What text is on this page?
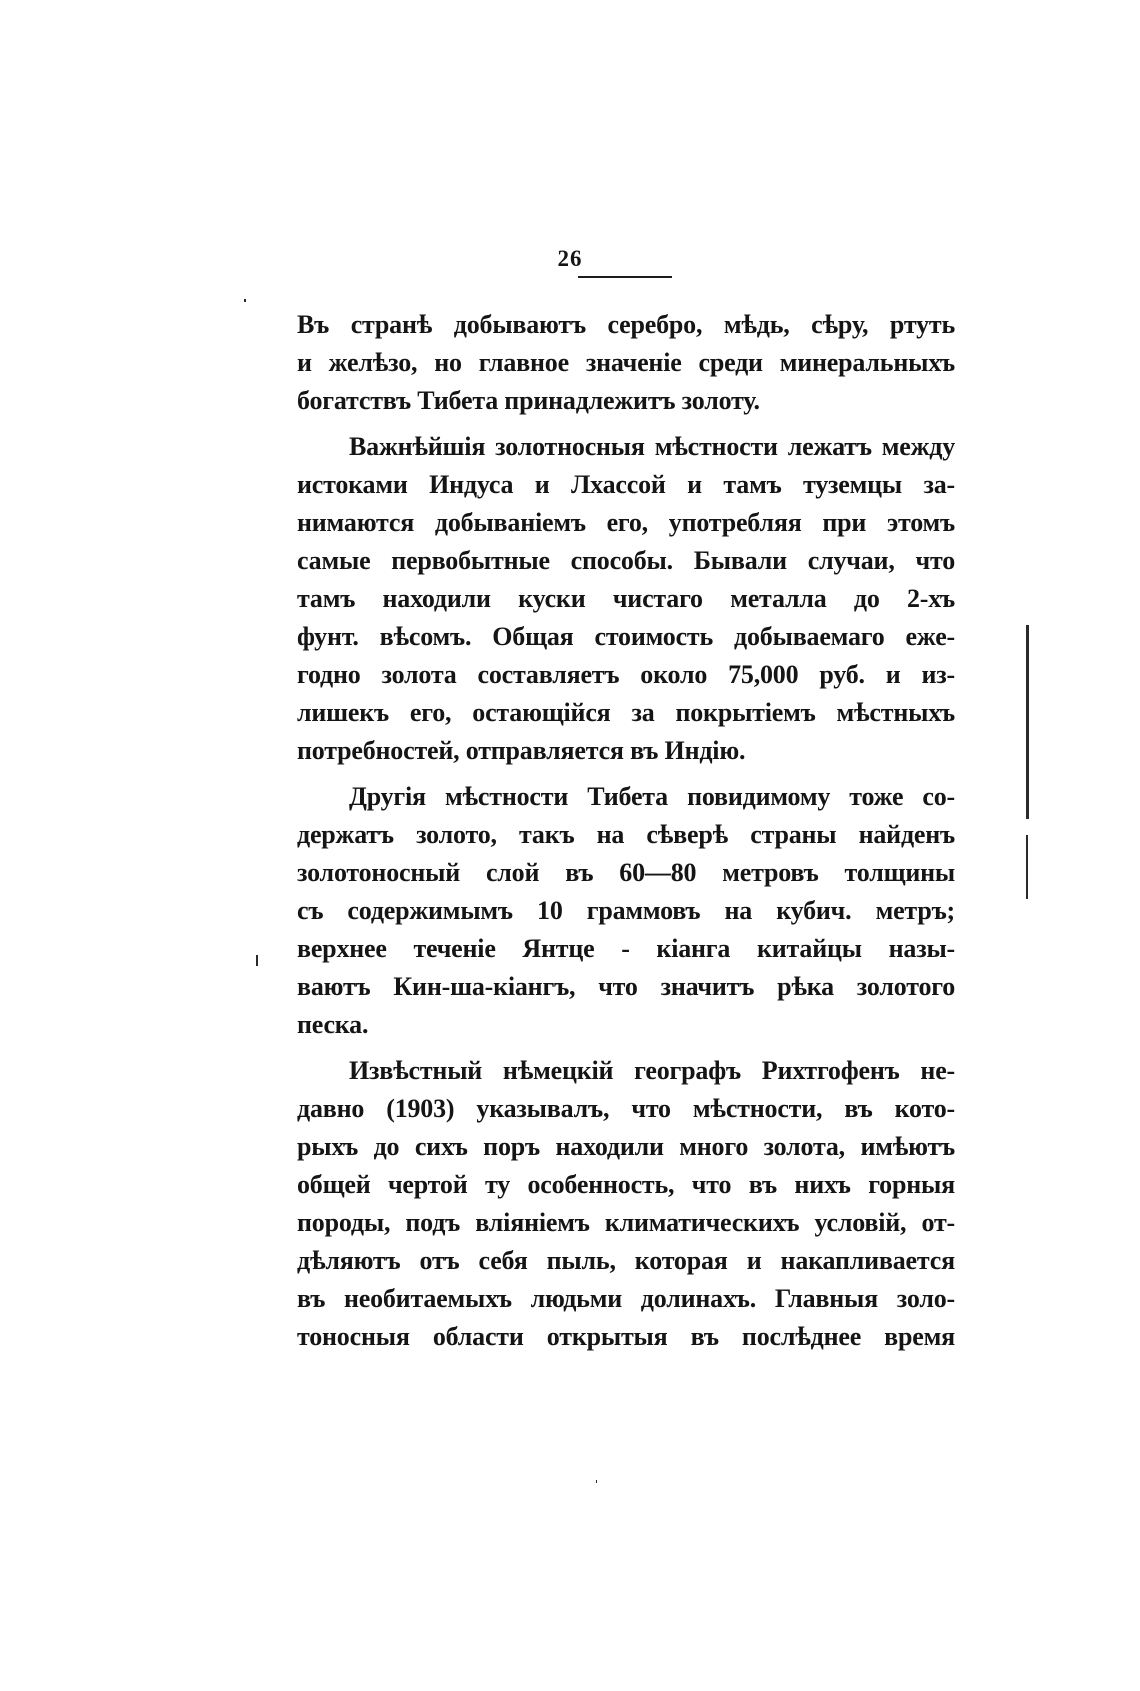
26
Въ странѣ добываютъ серебро, мѣдь, сѣру, ртуть
и желѣзо, но главное значеніе среди минеральныхъ
богатствъ Тибета принадлежитъ золоту.
Важнѣйшія золотносныя мѣстности лежатъ между
истоками Индуса и Лхассой и тамъ туземцы за-
нимаются добываніемъ его, употребляя при этомъ
самые первобытные способы. Бывали случаи, что
тамъ находили куски чистаго металла до 2-хъ
фунт. вѣсомъ. Общая стоимость добываемаго еже-
годно золота составляетъ около 75,000 руб. и из-
лишекъ его, остающійся за покрытіемъ мѣстныхъ
потребностей, отправляется въ Индію.
Другія мѣстности Тибета повидимому тоже со-
держатъ золото, такъ на сѣверѣ страны найденъ
золотоносный слой въ 60—80 метровъ толщины
съ содержимымъ 10 граммовъ на кубич. метръ;
верхнее теченіе Янтце - кіанга китайцы назы-
ваютъ Кин-ша-кіангъ, что значитъ рѣка золотого
песка.
Извѣстный нѣмецкій географъ Рихтгофенъ не-
давно (1903) указывалъ, что мѣстности, въ кото-
рыхъ до сихъ поръ находили много золота, имѣютъ
общей чертой ту особенность, что въ нихъ горныя
породы, подъ вліяніемъ климатическихъ условій, от-
дѣляютъ отъ себя пыль, которая и накапливается
въ необитаемыхъ людьми долинахъ. Главныя золо-
тоносныя области открытыя въ послѣднее время
